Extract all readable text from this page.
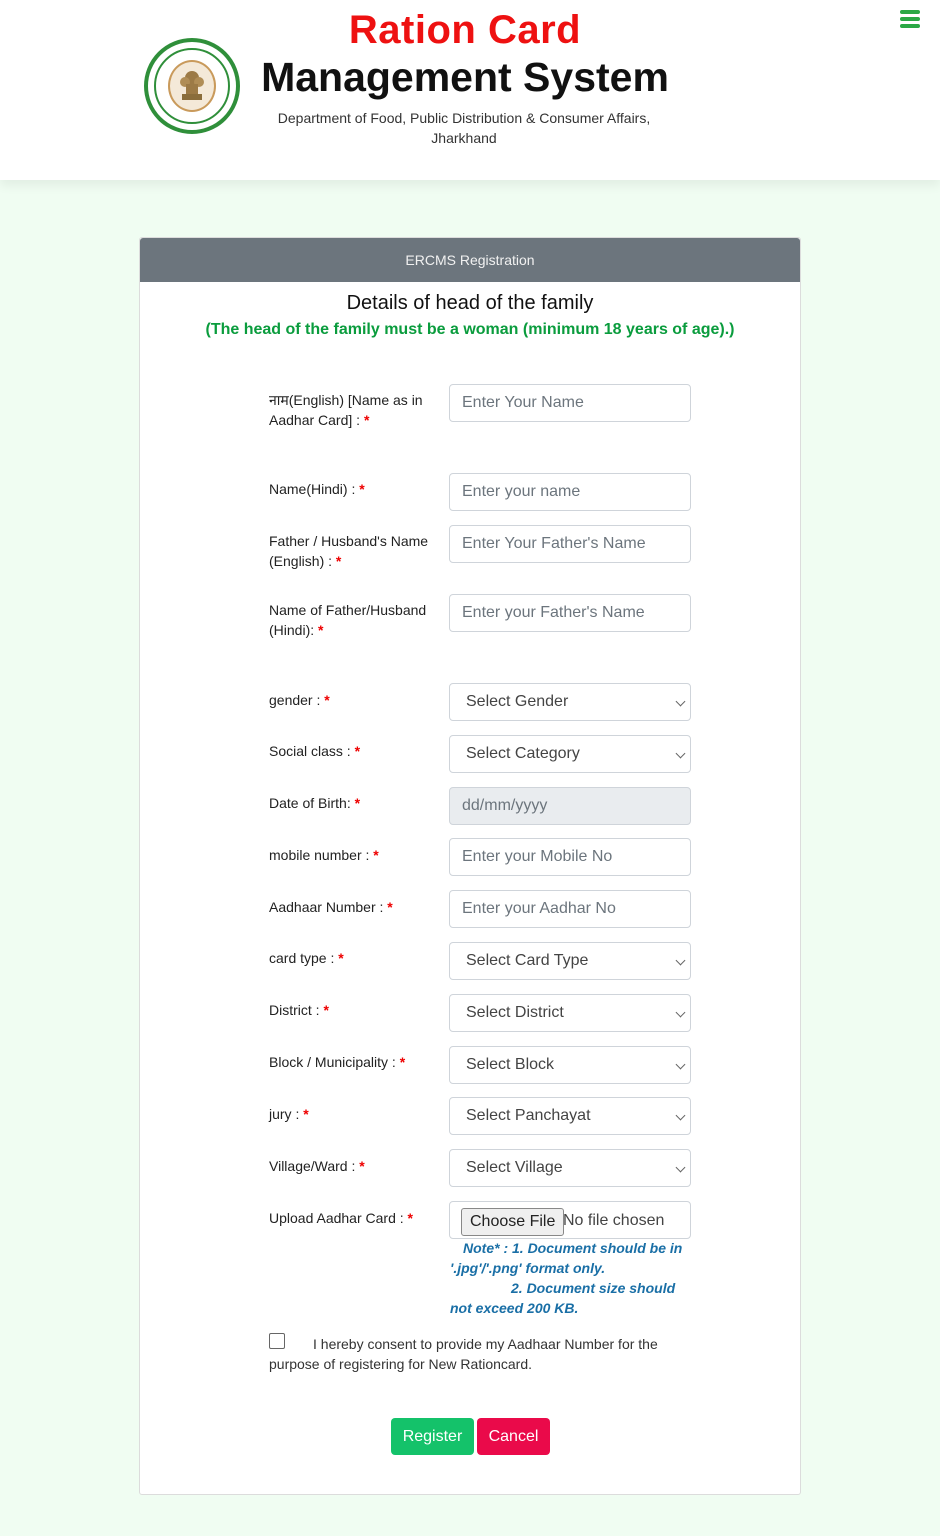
Ration Card
Management System
Department of Food, Public Distribution & Consumer Affairs, Jharkhand
ERCMS Registration
Details of head of the family
(The head of the family must be a woman (minimum 18 years of age).)
नाम(English) [Name as in Aadhar Card] : *
Enter Your Name
Name(Hindi) : *
Enter your name
Father / Husband's Name (English) : *
Enter Your Father's Name
Name of Father/Husband (Hindi): *
Enter your Father's Name
gender : *	Select Gender
Social class : *	Select Category
Date of Birth: *
dd/mm/yyyy
mobile number : *
Enter your Mobile No
Aadhaar Number : *
Enter your Aadhar No
card type : *	Select Card Type
District : *	Select District
Block / Municipality : *	Select Block
jury : *	Select Panchayat
Village/Ward : *	Select Village
Upload Aadhar Card : *	Choose File No file chosen
Note* : 1. Document should be in '.jpg'/'.png' format only.
2. Document size should not exceed 200 KB.
I hereby consent to provide my Aadhaar Number for the purpose of registering for New Rationcard.
Register	Cancel
